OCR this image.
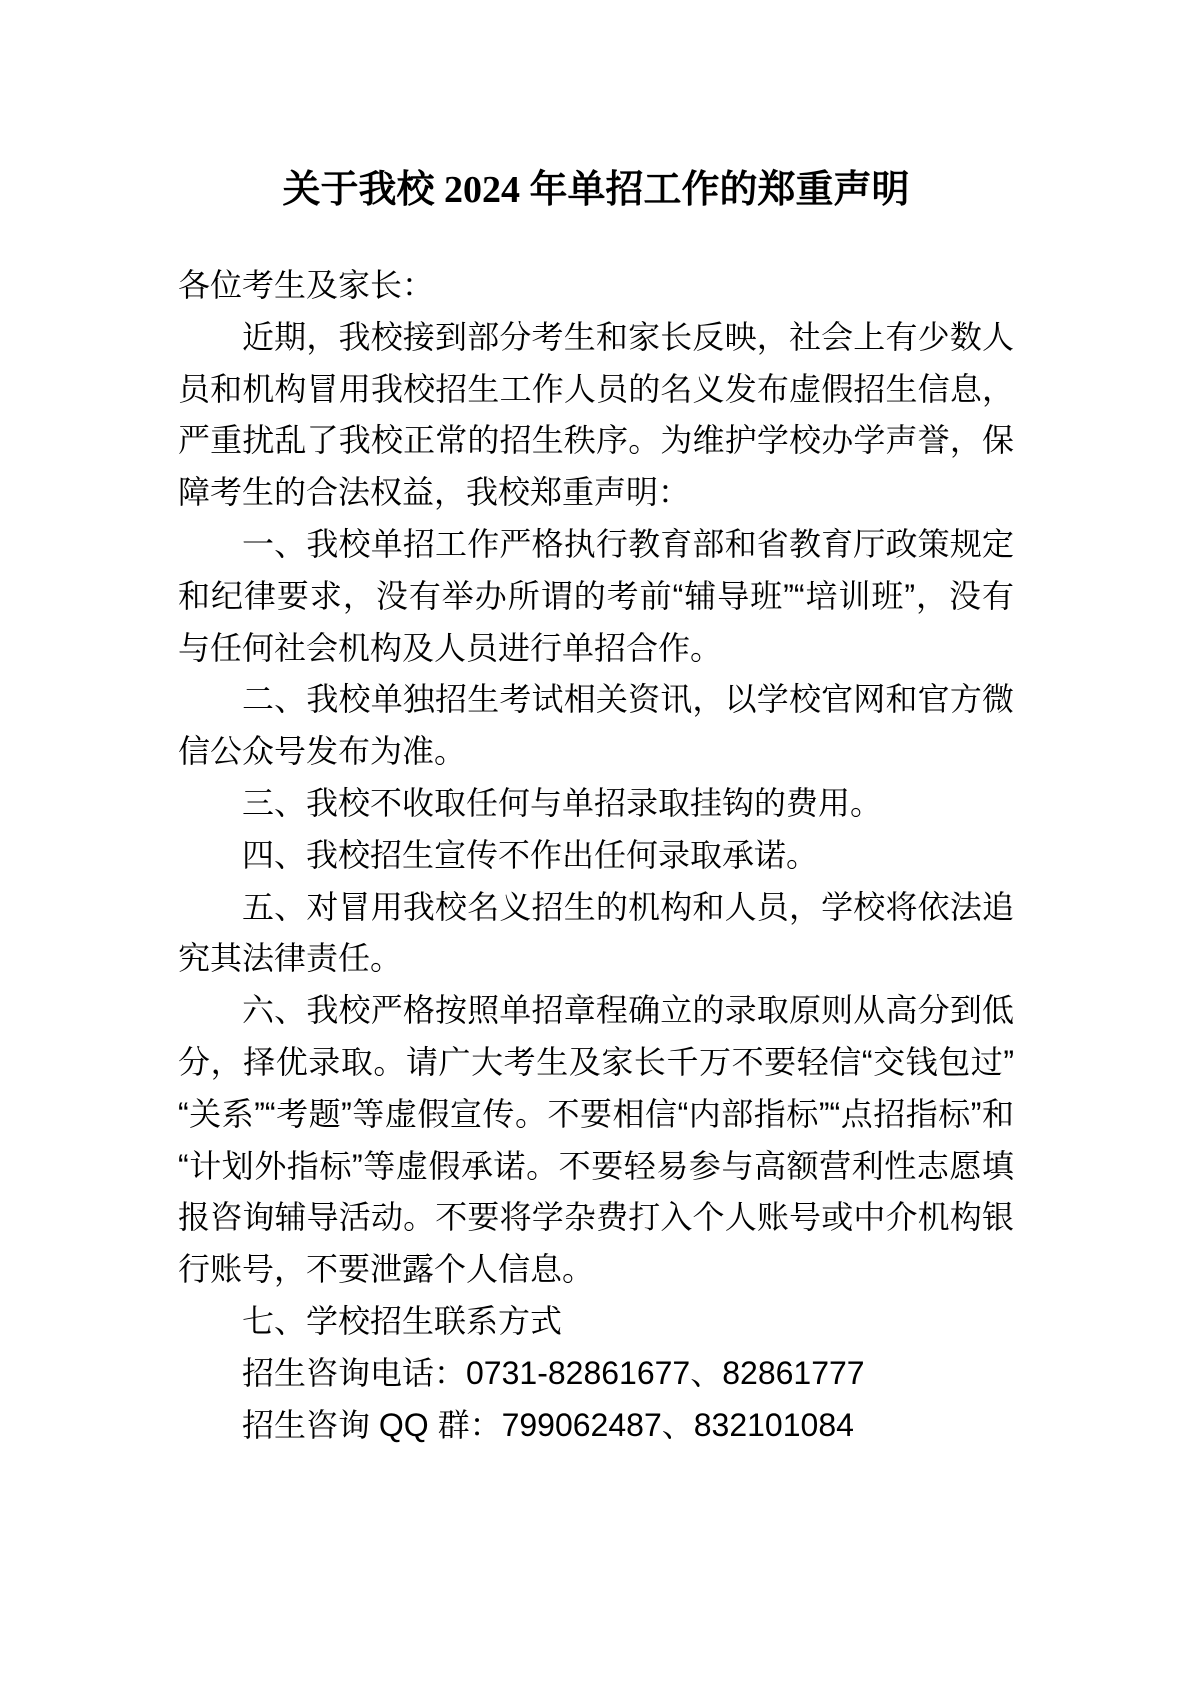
关于我校 2024 年单招工作的郑重声明

各位考生及家长：

近期，我校接到部分考生和家长反映，社会上有少数人员和机构冒用我校招生工作人员的名义发布虚假招生信息，严重扰乱了我校正常的招生秩序。为维护学校办学声誉，保障考生的合法权益，我校郑重声明：

一、我校单招工作严格执行教育部和省教育厅政策规定和纪律要求，没有举办所谓的考前“辅导班”“培训班”，没有与任何社会机构及人员进行单招合作。

二、我校单独招生考试相关资讯，以学校官网和官方微信公众号发布为准。

三、我校不收取任何与单招录取挂钩的费用。

四、我校招生宣传不作出任何录取承诺。

五、对冒用我校名义招生的机构和人员，学校将依法追究其法律责任。

六、我校严格按照单招章程确立的录取原则从高分到低分，择优录取。请广大考生及家长千万不要轻信“交钱包过”“关系”“考题”等虚假宣传。不要相信“内部指标”“点招指标”和“计划外指标”等虚假承诺。不要轻易参与高额营利性志愿填报咨询辅导活动。不要将学杂费打入个人账号或中介机构银行账号，不要泄露个人信息。

七、学校招生联系方式

招生咨询电话：0731-82861677、82861777

招生咨询 QQ 群：799062487、832101084
